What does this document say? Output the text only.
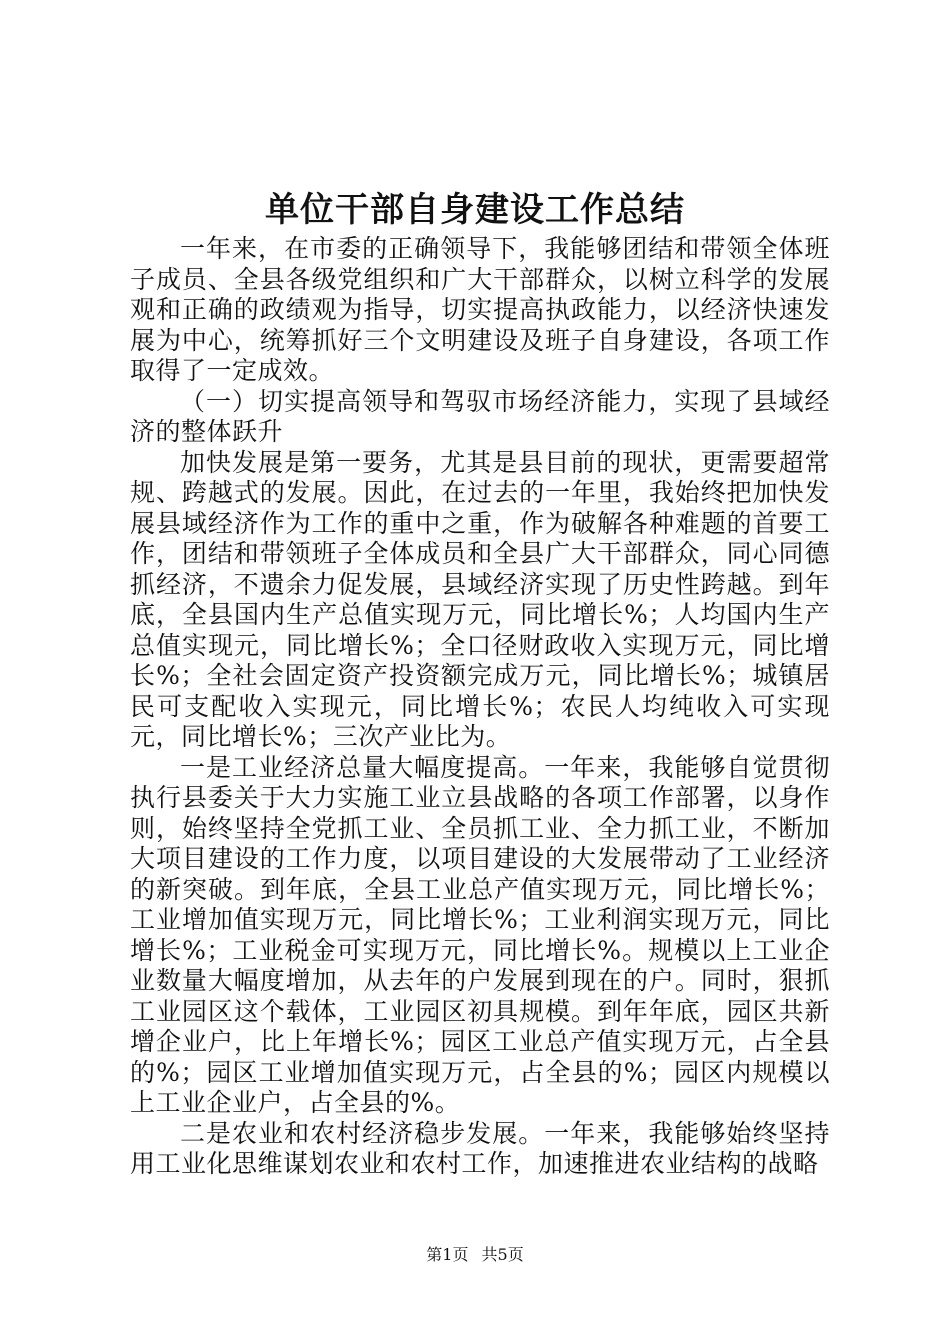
单位干部自身建设工作总结

一年来，在市委的正确领导下，我能够团结和带领全体班子成员、全县各级党组织和广大干部群众，以树立科学的发展观和正确的政绩观为指导，切实提高执政能力，以经济快速发展为中心，统筹抓好三个文明建设及班子自身建设，各项工作取得了一定成效。

（一）切实提高领导和驾驭市场经济能力，实现了县域经济的整体跃升

加快发展是第一要务，尤其是县目前的现状，更需要超常规、跨越式的发展。因此，在过去的一年里，我始终把加快发展县域经济作为工作的重中之重，作为破解各种难题的首要工作，团结和带领班子全体成员和全县广大干部群众，同心同德抓经济，不遗余力促发展，县域经济实现了历史性跨越。到年底，全县国内生产总值实现万元，同比增长%；人均国内生产总值实现元，同比增长%；全口径财政收入实现万元，同比增长%；全社会固定资产投资额完成万元，同比增长%；城镇居民可支配收入实现元，同比增长%；农民人均纯收入可实现元，同比增长%；三次产业比为。

一是工业经济总量大幅度提高。一年来，我能够自觉贯彻执行县委关于大力实施工业立县战略的各项工作部署，以身作则，始终坚持全党抓工业、全员抓工业、全力抓工业，不断加大项目建设的工作力度，以项目建设的大发展带动了工业经济的新突破。到年底，全县工业总产值实现万元，同比增长%；工业增加值实现万元，同比增长%；工业利润实现万元，同比增长%；工业税金可实现万元，同比增长%。规模以上工业企业数量大幅度增加，从去年的户发展到现在的户。同时，狠抓工业园区这个载体，工业园区初具规模。到年年底，园区共新增企业户，比上年增长%；园区工业总产值实现万元，占全县的%；园区工业增加值实现万元，占全县的%；园区内规模以上工业企业户，占全县的%。

二是农业和农村经济稳步发展。一年来，我能够始终坚持用工业化思维谋划农业和农村工作，加速推进农业结构的战略

第1页 共5页
